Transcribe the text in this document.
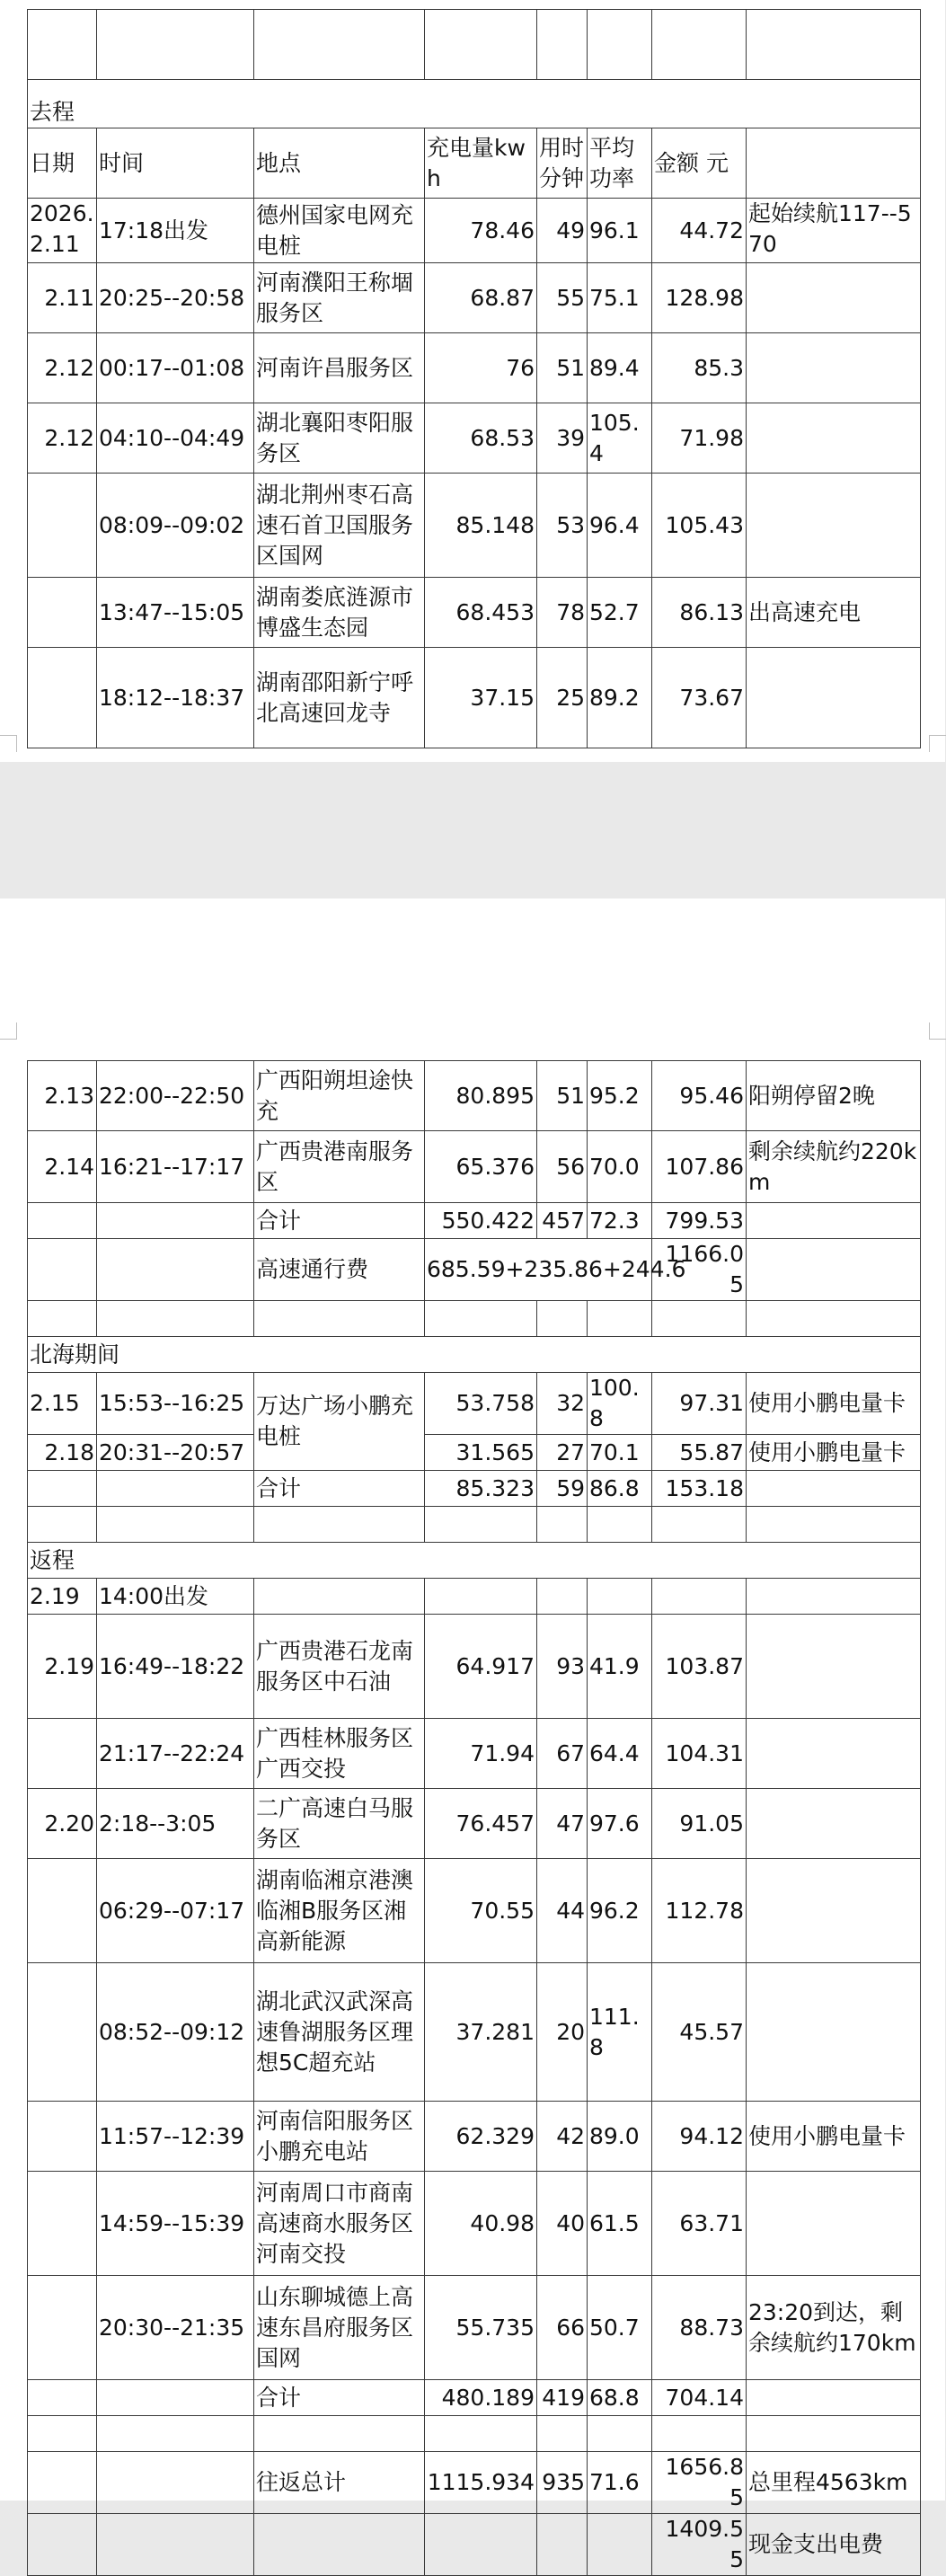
去程							
日期	时间	地点	充电量kwh	用时分钟	平均功率	金额 元	
2026.2.11	17:18出发	德州国家电网充电桩	78.46	49	96.1	44.72	起始续航117--570
2.11	20:25--20:58	河南濮阳王称堌服务区	68.87	55	75.1	128.98	
2.12	00:17--01:08	河南许昌服务区	76	51	89.4	85.3	
2.12	04:10--04:49	湖北襄阳枣阳服务区	68.53	39	105.4	71.98	
	08:09--09:02	湖北荆州枣石高速石首卫国服务区国网	85.148	53	96.4	105.43	
	13:47--15:05	湖南娄底涟源市博盛生态园	68.453	78	52.7	86.13	出高速充电
	18:12--18:37	湖南邵阳新宁呼北高速回龙寺	37.15	25	89.2	73.67	
2.13	22:00--22:50	广西阳朔坦途快充	80.895	51	95.2	95.46	阳朔停留2晚
2.14	16:21--17:17	广西贵港南服务区	65.376	56	70.0	107.86	剩余续航约220km
		合计	550.422	457	72.3	799.53	
		高速通行费	685.59+235.86+244.6			1166.05	

北海期间							
2.15	15:53--16:25	万达广场小鹏充电桩	53.758	32	100.8	97.31	使用小鹏电量卡
2.18	20:31--20:57		31.565	27	70.1	55.87	使用小鹏电量卡
		合计	85.323	59	86.8	153.18	

返程							
2.19	14:00出发						
2.19	16:49--18:22	广西贵港石龙南服务区中石油	64.917	93	41.9	103.87	
	21:17--22:24	广西桂林服务区广西交投	71.94	67	64.4	104.31	
2.20	2:18--3:05	二广高速白马服务区	76.457	47	97.6	91.05	
	06:29--07:17	湖南临湘京港澳临湘B服务区湘高新能源	70.55	44	96.2	112.78	
	08:52--09:12	湖北武汉武深高速鲁湖服务区理想5C超充站	37.281	20	111.8	45.57	
	11:57--12:39	河南信阳服务区小鹏充电站	62.329	42	89.0	94.12	使用小鹏电量卡
	14:59--15:39	河南周口市商南高速商水服务区河南交投	40.98	40	61.5	63.71	
	20:30--21:35	山东聊城德上高速东昌府服务区国网	55.735	66	50.7	88.73	23:20到达，剩余续航约170km
		合计	480.189	419	68.8	704.14	

		往返总计	1115.934	935	71.6	1656.85	总里程4563km
						1409.55	现金支出电费
